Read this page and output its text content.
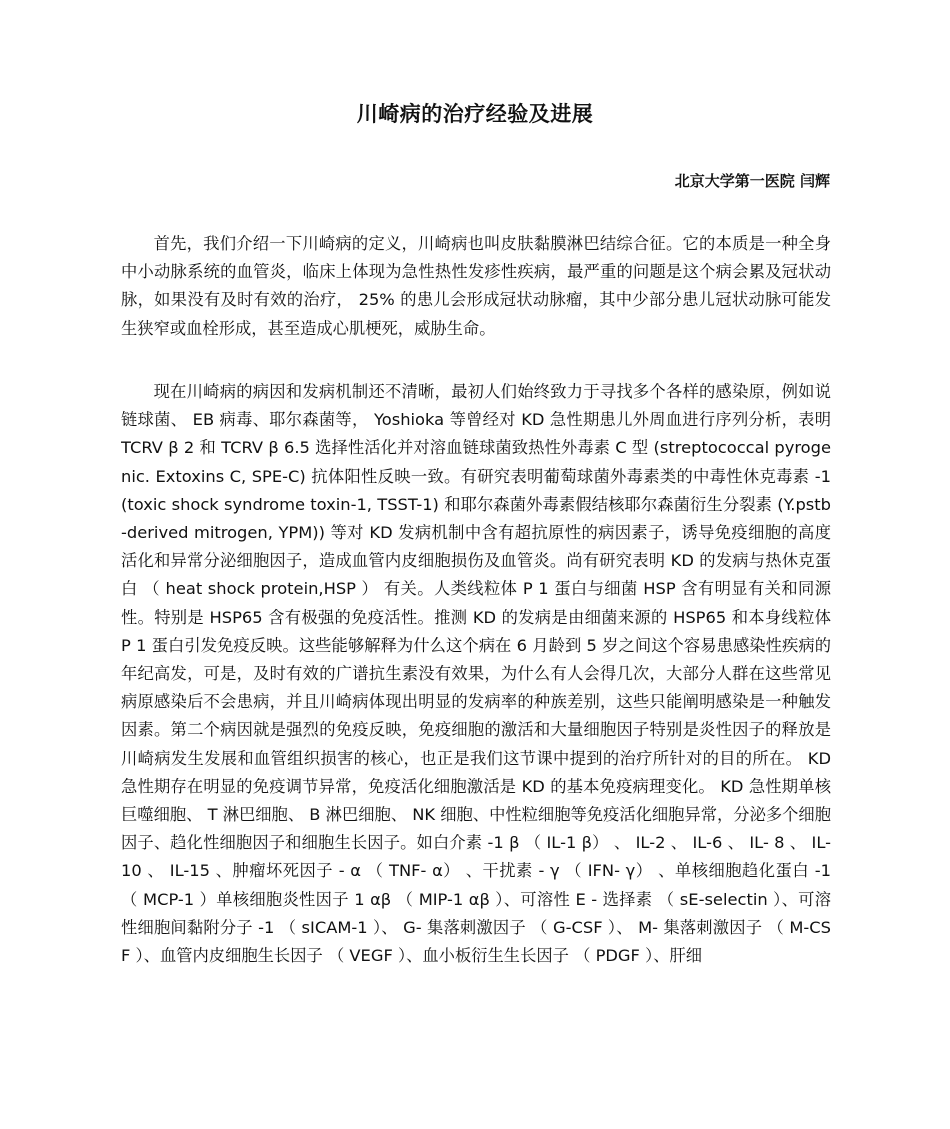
川崎病的治疗经验及进展

北京大学第一医院 闫辉

首先，我们介绍一下川崎病的定义，川崎病也叫皮肤黏膜淋巴结综合征。它的本质是一种全身中小动脉系统的血管炎，临床上体现为急性热性发疹性疾病，最严重的问题是这个病会累及冠状动脉，如果没有及时有效的治疗， 25% 的患儿会形成冠状动脉瘤，其中少部分患儿冠状动脉可能发生狭窄或血栓形成，甚至造成心肌梗死，威胁生命。

现在川崎病的病因和发病机制还不清晰，最初人们始终致力于寻找多个各样的感染原，例如说链球菌、 EB 病毒、耶尔森菌等， Yoshioka 等曾经对 KD 急性期患儿外周血进行序列分析，表明 TCRV β 2 和 TCRV β 6.5 选择性活化并对溶血链球菌致热性外毒素 C 型 (streptococcal pyrogenic. Extoxins C, SPE-C) 抗体阳性反映一致。有研究表明葡萄球菌外毒素类的中毒性休克毒素 -1(toxic shock syndrome toxin-1, TSST-1) 和耶尔森菌外毒素假结核耶尔森菌衍生分裂素 (Y.pstb-derived mitrogen, YPM)) 等对 KD 发病机制中含有超抗原性的病因素子，诱导免疫细胞的高度活化和异常分泌细胞因子，造成血管内皮细胞损伤及血管炎。尚有研究表明 KD 的发病与热休克蛋白 （ heat shock protein,HSP ） 有关。人类线粒体 P 1 蛋白与细菌 HSP 含有明显有关和同源性。特别是 HSP65 含有极强的免疫活性。推测 KD 的发病是由细菌来源的 HSP65 和本身线粒体 P 1 蛋白引发免疫反映。这些能够解释为什么这个病在 6 月龄到 5 岁之间这个容易患感染性疾病的年纪高发，可是，及时有效的广谱抗生素没有效果，为什么有人会得几次，大部分人群在这些常见病原感染后不会患病，并且川崎病体现出明显的发病率的种族差别，这些只能阐明感染是一种触发因素。第二个病因就是强烈的免疫反映，免疫细胞的激活和大量细胞因子特别是炎性因子的释放是川崎病发生发展和血管组织损害的核心，也正是我们这节课中提到的治疗所针对的目的所在。 KD 急性期存在明显的免疫调节异常，免疫活化细胞激活是 KD 的基本免疫病理变化。 KD 急性期单核巨噬细胞、 T 淋巴细胞、 B 淋巴细胞、 NK 细胞、中性粒细胞等免疫活化细胞异常，分泌多个细胞因子、趋化性细胞因子和细胞生长因子。如白介素 -1 β （ IL-1 β） 、 IL-2 、 IL-6 、 IL- 8 、 IL-10 、 IL-15 、肿瘤坏死因子 - α （ TNF- α） 、干扰素 - γ （ IFN- γ） 、单核细胞趋化蛋白 -1 （ MCP-1 ）单核细胞炎性因子 1 αβ （ MIP-1 αβ ）、可溶性 E - 选择素 （ sE-selectin ）、可溶性细胞间黏附分子 -1 （ sICAM-1 ）、 G- 集落刺激因子 （ G-CSF ）、 M- 集落刺激因子 （ M-CSF ）、血管内皮细胞生长因子 （ VEGF ）、血小板衍生生长因子 （ PDGF ）、肝细
